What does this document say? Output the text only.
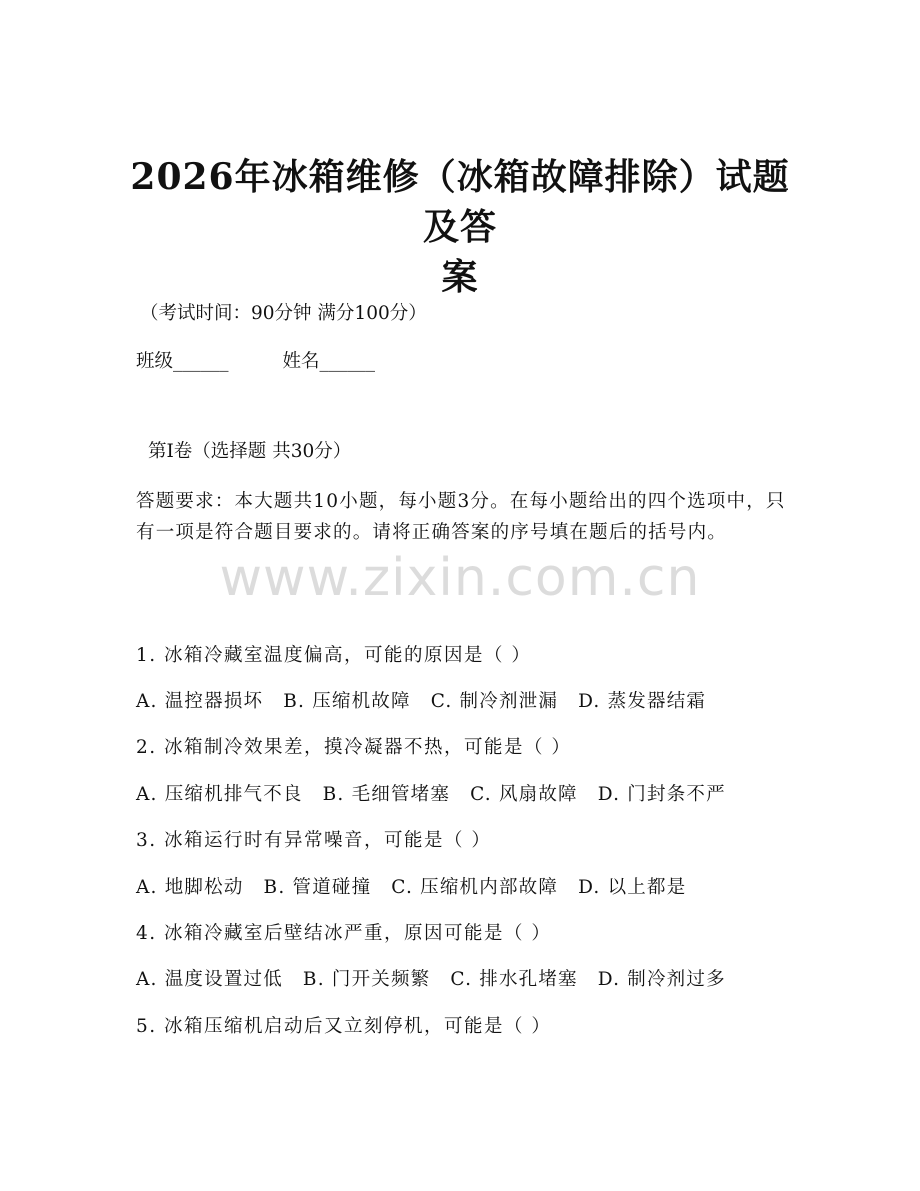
2026年冰箱维修（冰箱故障排除）试题及答
案

（考试时间：90分钟 满分100分）

班级______	姓名______

第Ⅰ卷（选择题 共30分）

答题要求：本大题共10小题，每小题3分。在每小题给出的四个选项中，只有一项是符合题目要求的。请将正确答案的序号填在题后的括号内。

www.zixin.com.cn

1. 冰箱冷藏室温度偏高，可能的原因是（ ）

A. 温控器损坏 B. 压缩机故障 C. 制冷剂泄漏 D. 蒸发器结霜

2. 冰箱制冷效果差，摸冷凝器不热，可能是（ ）

A. 压缩机排气不良 B. 毛细管堵塞 C. 风扇故障 D. 门封条不严

3. 冰箱运行时有异常噪音，可能是（ ）

A. 地脚松动 B. 管道碰撞 C. 压缩机内部故障 D. 以上都是

4. 冰箱冷藏室后壁结冰严重，原因可能是（ ）

A. 温度设置过低 B. 门开关频繁 C. 排水孔堵塞 D. 制冷剂过多

5. 冰箱压缩机启动后又立刻停机，可能是（ ）
